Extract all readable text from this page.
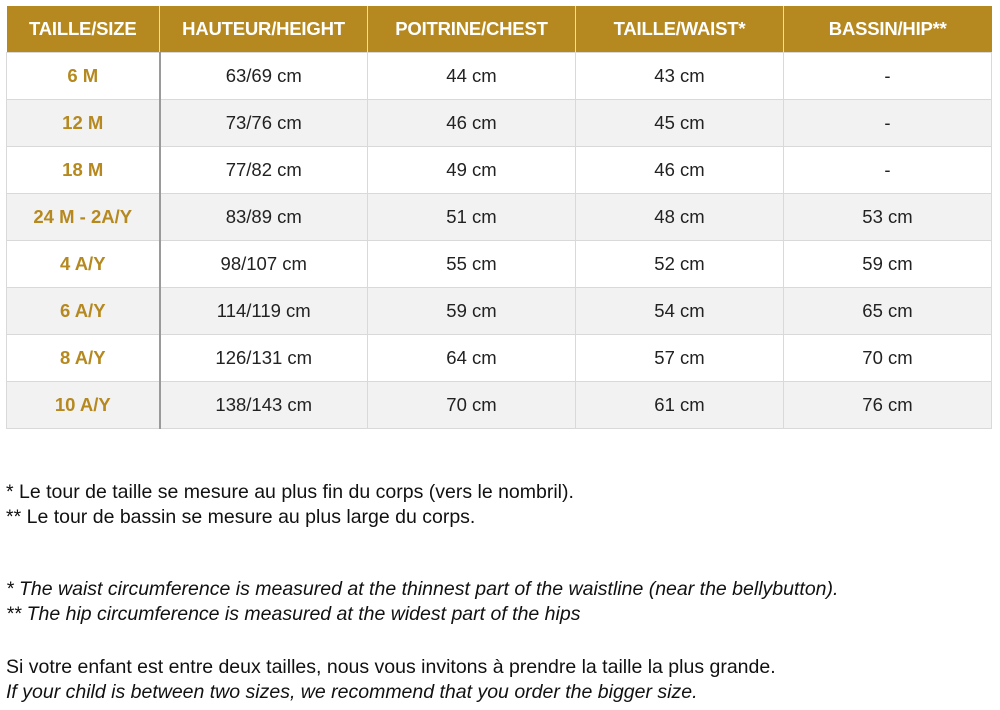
TAILLE/SIZE	HAUTEUR/HEIGHT	POITRINE/CHEST	TAILLE/WAIST*	BASSIN/HIP**
6 M	63/69 cm	44 cm	43 cm	-
12 M	73/76 cm	46 cm	45 cm	-
18 M	77/82 cm	49 cm	46 cm	-
24 M - 2A/Y	83/89 cm	51 cm	48 cm	53 cm
4 A/Y	98/107 cm	55 cm	52 cm	59 cm
6 A/Y	114/119 cm	59 cm	54 cm	65 cm
8 A/Y	126/131 cm	64 cm	57 cm	70 cm
10 A/Y	138/143 cm	70 cm	61 cm	76 cm

* Le tour de taille se mesure au plus fin du corps (vers le nombril).

** Le tour de bassin se mesure au plus large du corps.

* The waist circumference is measured at the thinnest part of the waistline (near the bellybutton).

** The hip circumference is measured at the widest part of the hips

Si votre enfant est entre deux tailles, nous vous invitons à prendre la taille la plus grande.

If your child is between two sizes, we recommend that you order the bigger size.
